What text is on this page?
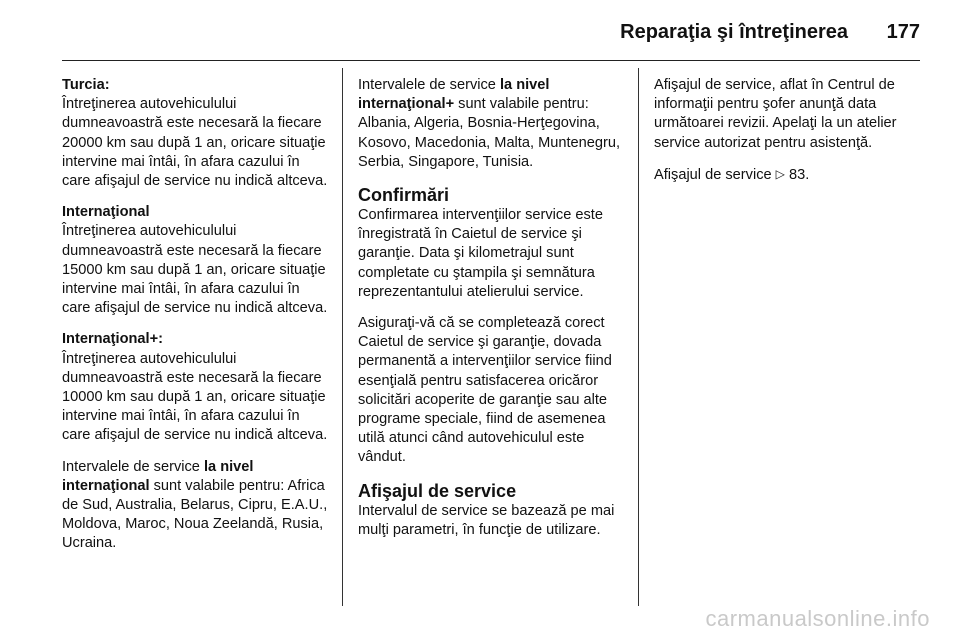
Reparaţia şi întreţinerea	177
Turcia:

Întreţinerea autovehiculului dumneavoastră este necesară la fiecare 20000 km sau după 1 an, oricare situaţie intervine mai întâi, în afara cazului în care afişajul de service nu indică altceva.

Internaţional

Întreţinerea autovehiculului dumneavoastră este necesară la fiecare 15000 km sau după 1 an, oricare situaţie intervine mai întâi, în afara cazului în care afişajul de service nu indică altceva.

Internaţional+:

Întreţinerea autovehiculului dumneavoastră este necesară la fiecare 10000 km sau după 1 an, oricare situaţie intervine mai întâi, în afara cazului în care afişajul de service nu indică altceva.

Intervalele de service la nivel internaţional sunt valabile pentru: Africa de Sud, Australia, Belarus, Cipru, E.A.U., Moldova, Maroc, Noua Zeelandă, Rusia, Ucraina.

Intervalele de service la nivel internaţional+ sunt valabile pentru: Albania, Algeria, Bosnia-Herţegovina, Kosovo, Macedonia, Malta, Muntenegru, Serbia, Singapore, Tunisia.

Confirmări

Confirmarea intervenţiilor service este înregistrată în Caietul de service şi garanţie. Data şi kilometrajul sunt completate cu ştampila şi semnătura reprezentantului atelierului service.

Asiguraţi-vă că se completează corect Caietul de service şi garanţie, dovada permanentă a intervenţiilor service fiind esenţială pentru satisfacerea oricăror solicitări acoperite de garanţie sau alte programe speciale, fiind de asemenea utilă atunci când autovehiculul este vândut.

Afişajul de service

Intervalul de service se bazează pe mai mulţi parametri, în funcţie de utilizare.

Afişajul de service, aflat în Centrul de informaţii pentru şofer anunţă data următoarei revizii. Apelaţi la un atelier service autorizat pentru asistenţă.

Afişajul de service ▷ 83.

carmanualsonline.info
